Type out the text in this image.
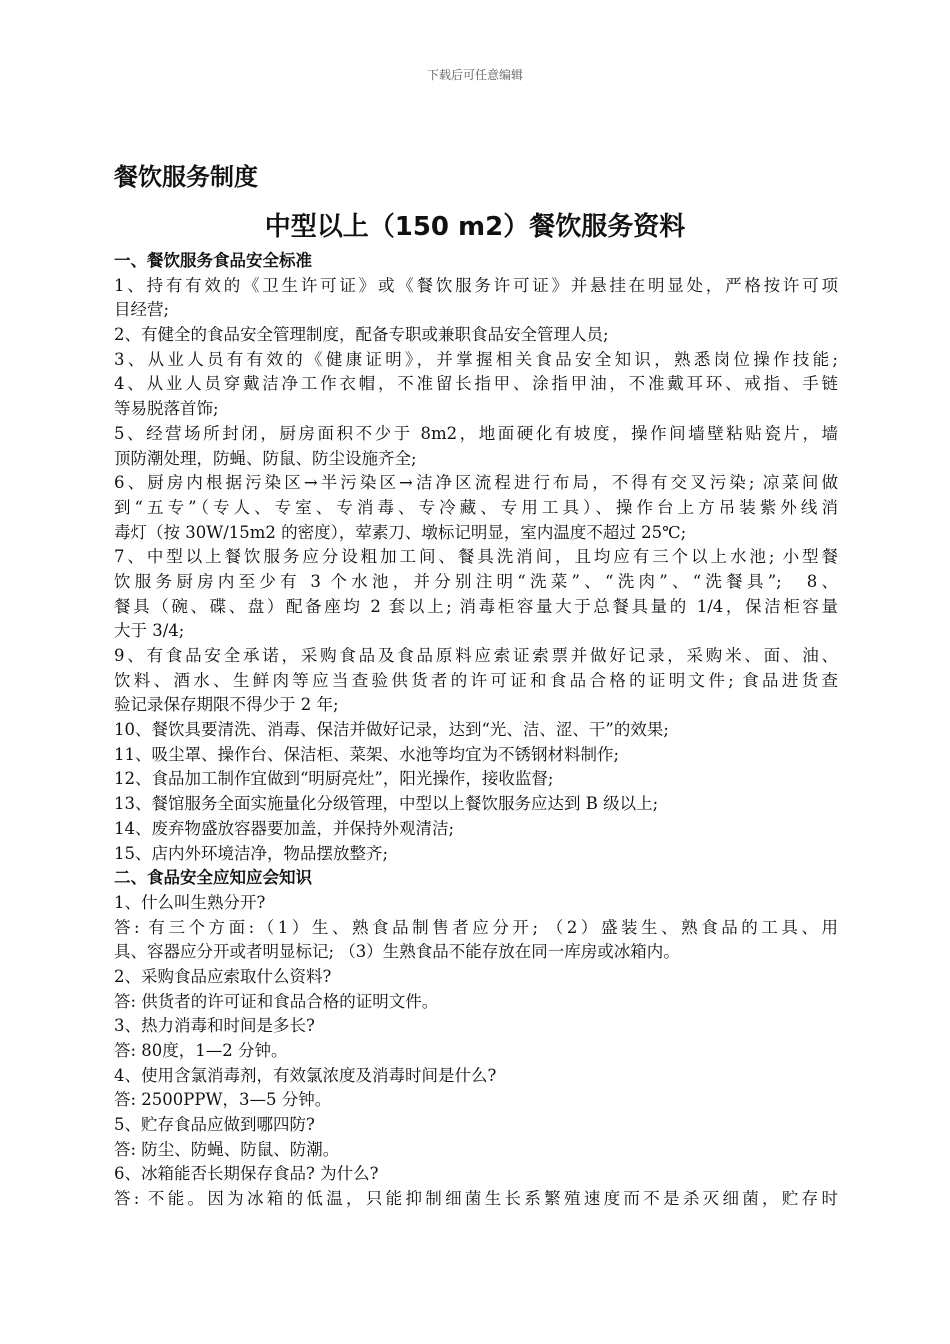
下载后可任意编辑
餐饮服务制度
中型以上（150 m2）餐饮服务资料
一、餐饮服务食品安全标准
1、持有有效的《卫生许可证》或《餐饮服务许可证》并悬挂在明显处，严格按许可项
目经营;
2、有健全的食品安全管理制度，配备专职或兼职食品安全管理人员;
3、从业人员有有效的《健康证明》，并掌握相关食品安全知识，熟悉岗位操作技能;
4、从业人员穿戴洁净工作衣帽，不准留长指甲、涂指甲油，不准戴耳环、戒指、手链
等易脱落首饰;
5、经营场所封闭，厨房面积不少于 8m2，地面硬化有坡度，操作间墙壁粘贴瓷片，墙
顶防潮处理，防蝇、防鼠、防尘设施齐全;
6、厨房内根据污染区→半污染区→洁净区流程进行布局，不得有交叉污染; 凉菜间做
到“五专”（专人、专室、专消毒、专冷藏、专用工具）、操作台上方吊装紫外线消
毒灯（按 30W/15m2 的密度），荤素刀、墩标记明显，室内温度不超过 25℃;
7、中型以上餐饮服务应分设粗加工间、餐具洗消间，且均应有三个以上水池; 小型餐
饮服务厨房内至少有 3 个水池，并分别注明“洗菜”、“洗肉”、“洗餐具”;　8、
餐具（碗、碟、盘）配备座均 2 套以上; 消毒柜容量大于总餐具量的 1/4，保洁柜容量
大于 3/4;
9、有食品安全承诺，采购食品及食品原料应索证索票并做好记录，采购米、面、油、
饮料、酒水、生鲜肉等应当查验供货者的许可证和食品合格的证明文件; 食品进货查
验记录保存期限不得少于 2 年;
10、餐饮具要清洗、消毒、保洁并做好记录，达到“光、洁、涩、干”的效果;
11、吸尘罩、操作台、保洁柜、菜架、水池等均宜为不锈钢材料制作;
12、食品加工制作宜做到“明厨亮灶”，阳光操作，接收监督;
13、餐馆服务全面实施量化分级管理，中型以上餐饮服务应达到 B 级以上;
14、废弃物盛放容器要加盖，并保持外观清洁;
15、店内外环境洁净，物品摆放整齐;
二、食品安全应知应会知识
1、什么叫生熟分开?
答: 有三个方面:（1）生、熟食品制售者应分开; （2）盛装生、熟食品的工具、用
具、容器应分开或者明显标记; （3）生熟食品不能存放在同一库房或冰箱内。
2、采购食品应索取什么资料?
答: 供货者的许可证和食品合格的证明文件。
3、热力消毒和时间是多长?
答: 80度，1—2 分钟。
4、使用含氯消毒剂，有效氯浓度及消毒时间是什么?
答: 2500PPW，3—5 分钟。
5、贮存食品应做到哪四防?
答: 防尘、防蝇、防鼠、防潮。
6、冰箱能否长期保存食品? 为什么?
答: 不能。因为冰箱的低温，只能抑制细菌生长系繁殖速度而不是杀灭细菌，贮存时
